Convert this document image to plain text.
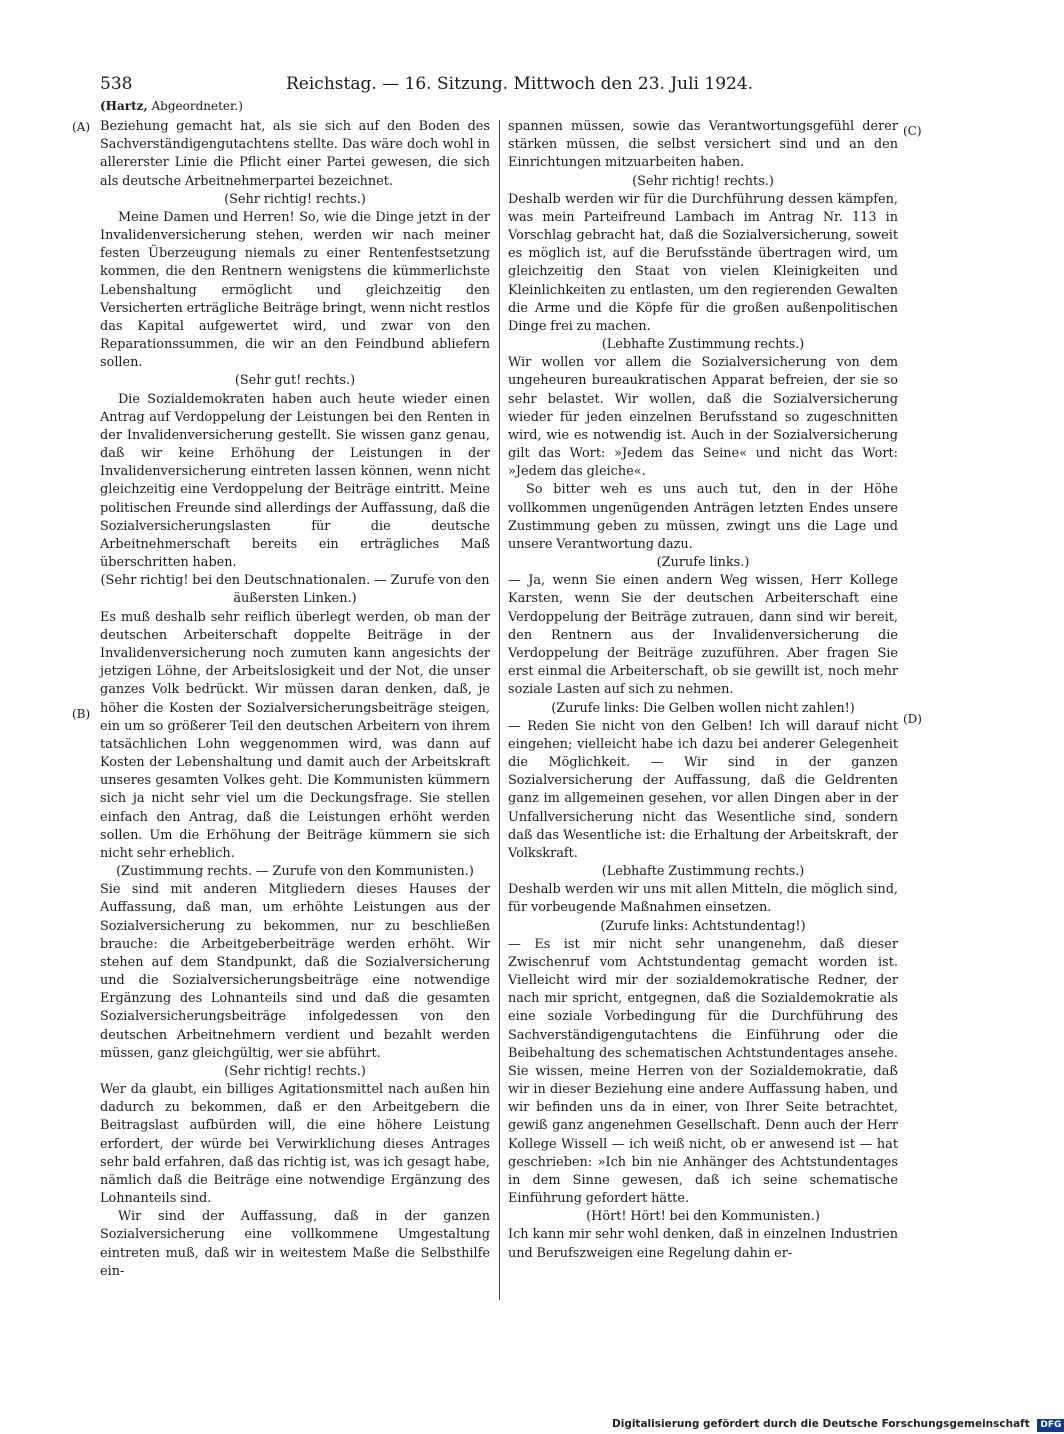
538	Reichstag. — 16. Sitzung. Mittwoch den 23. Juli 1924.
(Hartz, Abgeordneter.)
(A)
(B)
(C)
(D)

Beziehung gemacht hat, als sie sich auf den Boden des Sachverständigengutachtens stellte. Das wäre doch wohl in allererster Linie die Pflicht einer Partei gewesen, die sich als deutsche Arbeitnehmerpartei bezeichnet.

(Sehr richtig! rechts.)

Meine Damen und Herren! So, wie die Dinge jetzt in der Invalidenversicherung stehen, werden wir nach meiner festen Überzeugung niemals zu einer Rentenfestsetzung kommen, die den Rentnern wenigstens die kümmerlichste Lebenshaltung ermöglicht und gleichzeitig den Versicherten erträgliche Beiträge bringt, wenn nicht restlos das Kapital aufgewertet wird, und zwar von den Reparationssummen, die wir an den Feindbund abliefern sollen.

(Sehr gut! rechts.)

Die Sozialdemokraten haben auch heute wieder einen Antrag auf Verdoppelung der Leistungen bei den Renten in der Invalidenversicherung gestellt. Sie wissen ganz genau, daß wir keine Erhöhung der Leistungen in der Invalidenversicherung eintreten lassen können, wenn nicht gleichzeitig eine Verdoppelung der Beiträge eintritt. Meine politischen Freunde sind allerdings der Auffassung, daß die Sozialversicherungslasten für die deutsche Arbeitnehmerschaft bereits ein erträgliches Maß überschritten haben.

(Sehr richtig! bei den Deutschnationalen. — Zurufe von den äußersten Linken.)

Es muß deshalb sehr reiflich überlegt werden, ob man der deutschen Arbeiterschaft doppelte Beiträge in der Invalidenversicherung noch zumuten kann angesichts der jetzigen Löhne, der Arbeitslosigkeit und der Not, die unser ganzes Volk bedrückt. Wir müssen daran denken, daß, je höher die Kosten der Sozialversicherungsbeiträge steigen, ein um so größerer Teil den deutschen Arbeitern von ihrem tatsächlichen Lohn weggenommen wird, was dann auf Kosten der Lebenshaltung und damit auch der Arbeitskraft unseres gesamten Volkes geht. Die Kommunisten kümmern sich ja nicht sehr viel um die Deckungsfrage. Sie stellen einfach den Antrag, daß die Leistungen erhöht werden sollen. Um die Erhöhung der Beiträge kümmern sie sich nicht sehr erheblich.

(Zustimmung rechts. — Zurufe von den Kommunisten.)

Sie sind mit anderen Mitgliedern dieses Hauses der Auffassung, daß man, um erhöhte Leistungen aus der Sozialversicherung zu bekommen, nur zu beschließen brauche: die Arbeitgeberbeiträge werden erhöht. Wir stehen auf dem Standpunkt, daß die Sozialversicherung und die Sozialversicherungsbeiträge eine notwendige Ergänzung des Lohnanteils sind und daß die gesamten Sozialversicherungsbeiträge infolgedessen von den deutschen Arbeitnehmern verdient und bezahlt werden müssen, ganz gleichgültig, wer sie abführt.

(Sehr richtig! rechts.)

Wer da glaubt, ein billiges Agitationsmittel nach außen hin dadurch zu bekommen, daß er den Arbeitgebern die Beitragslast aufbürden will, die eine höhere Leistung erfordert, der würde bei Verwirklichung dieses Antrages sehr bald erfahren, daß das richtig ist, was ich gesagt habe, nämlich daß die Beiträge eine notwendige Ergänzung des Lohnanteils sind.

Wir sind der Auffassung, daß in der ganzen Sozialversicherung eine vollkommene Umgestaltung eintreten muß, daß wir in weitestem Maße die Selbsthilfe ein-

spannen müssen, sowie das Verantwortungsgefühl derer stärken müssen, die selbst versichert sind und an den Einrichtungen mitzuarbeiten haben.

(Sehr richtig! rechts.)

Deshalb werden wir für die Durchführung dessen kämpfen, was mein Parteifreund Lambach im Antrag Nr. 113 in Vorschlag gebracht hat, daß die Sozialversicherung, soweit es möglich ist, auf die Berufsstände übertragen wird, um gleichzeitig den Staat von vielen Kleinigkeiten und Kleinlichkeiten zu entlasten, um den regierenden Gewalten die Arme und die Köpfe für die großen außenpolitischen Dinge frei zu machen.

(Lebhafte Zustimmung rechts.)

Wir wollen vor allem die Sozialversicherung von dem ungeheuren bureaukratischen Apparat befreien, der sie so sehr belastet. Wir wollen, daß die Sozialversicherung wieder für jeden einzelnen Berufsstand so zugeschnitten wird, wie es notwendig ist. Auch in der Sozialversicherung gilt das Wort: »Jedem das Seine« und nicht das Wort: »Jedem das gleiche«.

So bitter weh es uns auch tut, den in der Höhe vollkommen ungenügenden Anträgen letzten Endes unsere Zustimmung geben zu müssen, zwingt uns die Lage und unsere Verantwortung dazu.

(Zurufe links.)

— Ja, wenn Sie einen andern Weg wissen, Herr Kollege Karsten, wenn Sie der deutschen Arbeiterschaft eine Verdoppelung der Beiträge zutrauen, dann sind wir bereit, den Rentnern aus der Invalidenversicherung die Verdoppelung der Beiträge zuzuführen. Aber fragen Sie erst einmal die Arbeiterschaft, ob sie gewillt ist, noch mehr soziale Lasten auf sich zu nehmen.

(Zurufe links: Die Gelben wollen nicht zahlen!)

— Reden Sie nicht von den Gelben! Ich will darauf nicht eingehen; vielleicht habe ich dazu bei anderer Gelegenheit die Möglichkeit. — Wir sind in der ganzen Sozialversicherung der Auffassung, daß die Geldrenten ganz im allgemeinen gesehen, vor allen Dingen aber in der Unfallversicherung nicht das Wesentliche sind, sondern daß das Wesentliche ist: die Erhaltung der Arbeitskraft, der Volkskraft.

(Lebhafte Zustimmung rechts.)

Deshalb werden wir uns mit allen Mitteln, die möglich sind, für vorbeugende Maßnahmen einsetzen.

(Zurufe links: Achtstundentag!)

— Es ist mir nicht sehr unangenehm, daß dieser Zwischenruf vom Achtstundentag gemacht worden ist. Vielleicht wird mir der sozialdemokratische Redner, der nach mir spricht, entgegnen, daß die Sozialdemokratie als eine soziale Vorbedingung für die Durchführung des Sachverständigengutachtens die Einführung oder die Beibehaltung des schematischen Achtstundentages ansehe. Sie wissen, meine Herren von der Sozialdemokratie, daß wir in dieser Beziehung eine andere Auffassung haben, und wir befinden uns da in einer, von Ihrer Seite betrachtet, gewiß ganz angenehmen Gesellschaft. Denn auch der Herr Kollege Wissell — ich weiß nicht, ob er anwesend ist — hat geschrieben: »Ich bin nie Anhänger des Achtstundentages in dem Sinne gewesen, daß ich seine schematische Einführung gefordert hätte.

(Hört! Hört! bei den Kommunisten.)

Ich kann mir sehr wohl denken, daß in einzelnen Industrien und Berufszweigen eine Regelung dahin er-

Digitalisierung gefördert durch die Deutsche Forschungsgemeinschaft DFG
